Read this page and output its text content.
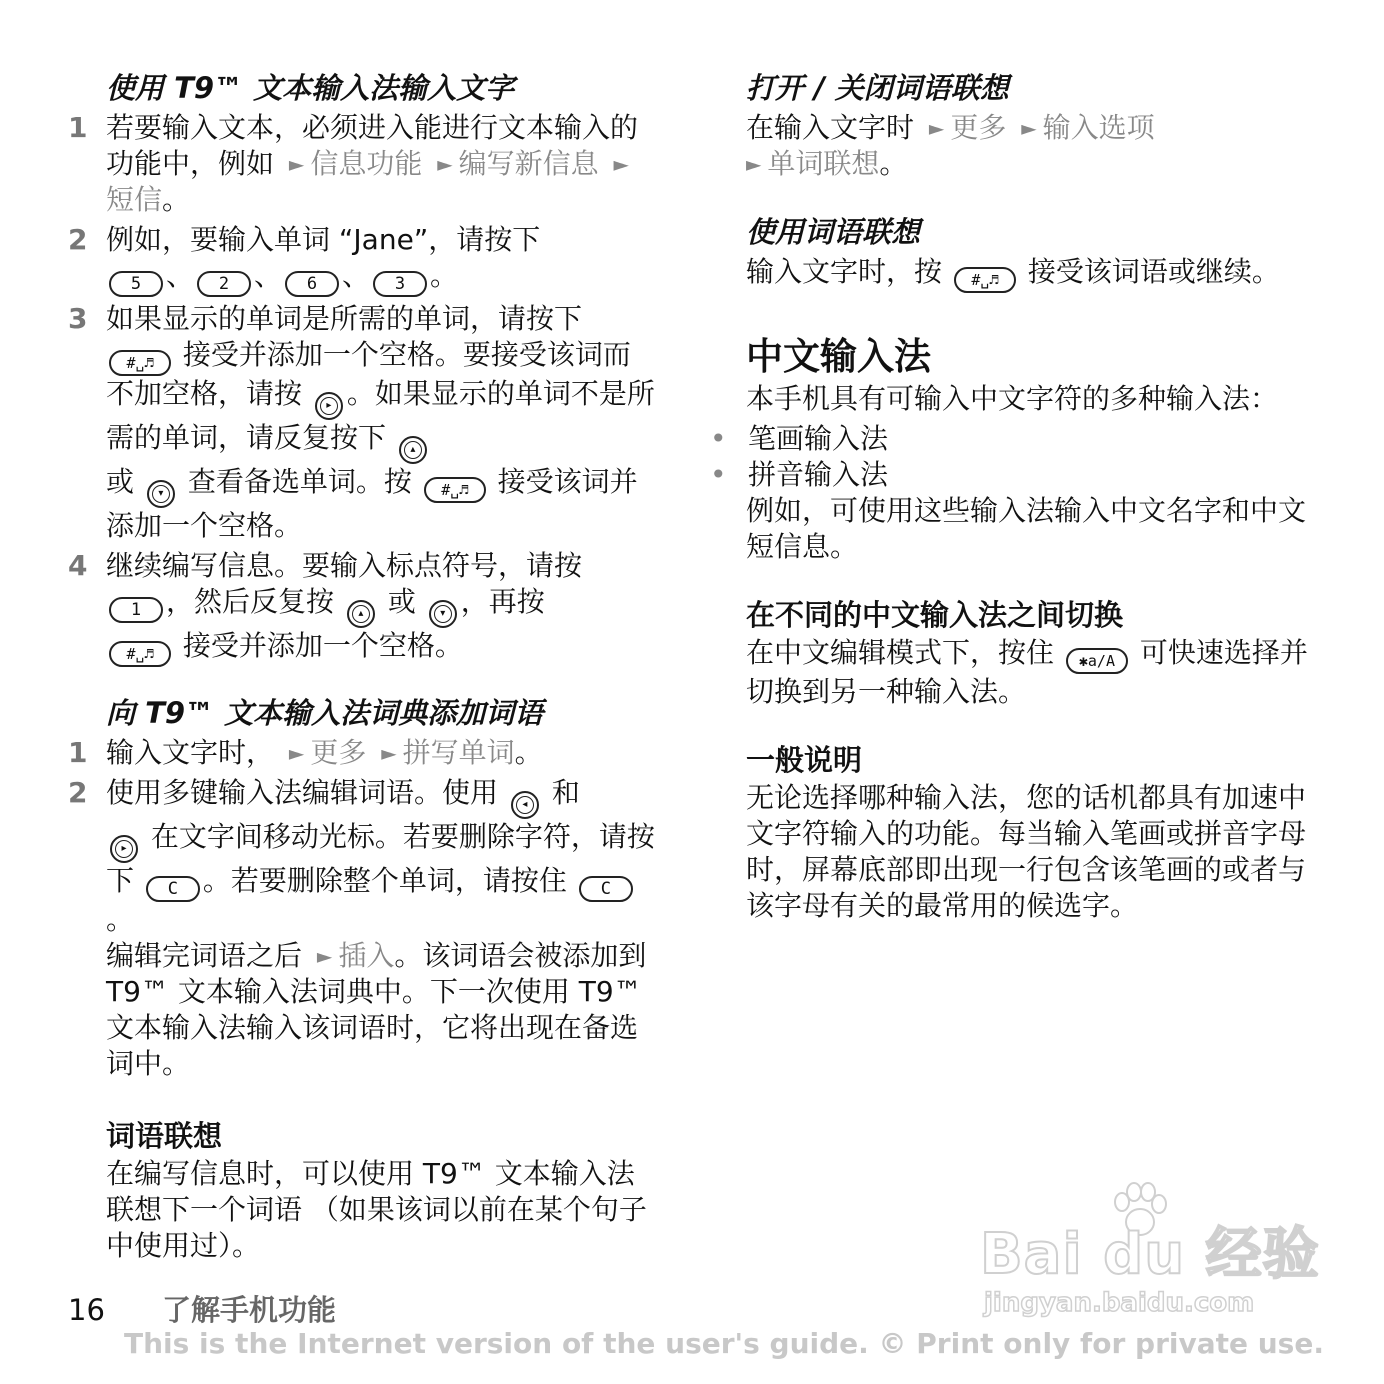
使用 T9™ 文本输入法输入文字
1 若要输入文本，必须进入能进行文本输入的功能中，例如 ► 信息功能 ► 编写新信息 ►短信。
2 例如，要输入单词 “Jane”，请按下
5 、 2 、 6 、 3 。
3 如果显示的单词是所需的单词，请按下
#␣♬ 接受并添加一个空格。要接受该词而不加空格，请按	▸ 。如果显示的单词不是所需的单词，请反复按下	▴

或	▾ 查看备选单词。按 #␣♬ 接受该词并添加一个空格。
4 继续编写信息。要输入标点符号，请按
1 ，然后反复按	▴ 或	▾ ，再按
#␣♬ 接受并添加一个空格。
向 T9™ 文本输入法词典添加词语
1 输入文字时， ► 更多 ► 拼写单词。
2 使用多键输入法编辑词语。使用	◂ 和

▸ 在文字间移动光标。若要删除字符，请按下 C 。若要删除整个单词，请按住 C。
编辑完词语之后 ► 插入。该词语会被添加到 T9™ 文本输入法词典中。下一次使用 T9™ 文本输入法输入该词语时，它将出现在备选词中。
词语联想
在编写信息时，可以使用 T9™ 文本输入法联想下一个词语 （如果该词以前在某个句子中使用过）。
打开 / 关闭词语联想
在输入文字时 ► 更多 ► 输入选项
► 单词联想。
使用词语联想
输入文字时，按 #␣♬ 接受该词语或继续。
中文输入法
本手机具有可输入中文字符的多种输入法：
• 笔画输入法
• 拼音输入法
例如，可使用这些输入法输入中文名字和中文短信息。
在不同的中文输入法之间切换
在中文编辑模式下，按住 ✱a/A 可快速选择并切换到另一种输入法。
一般说明
无论选择哪种输入法，您的话机都具有加速中文字符输入的功能。每当输入笔画或拼音字母时，屏幕底部即出现一行包含该笔画的或者与该字母有关的最常用的候选字。
Bai du 经验
jingyan.baidu.com
16 了解手机功能
This is the Internet version of the user's guide. © Print only for private use.
